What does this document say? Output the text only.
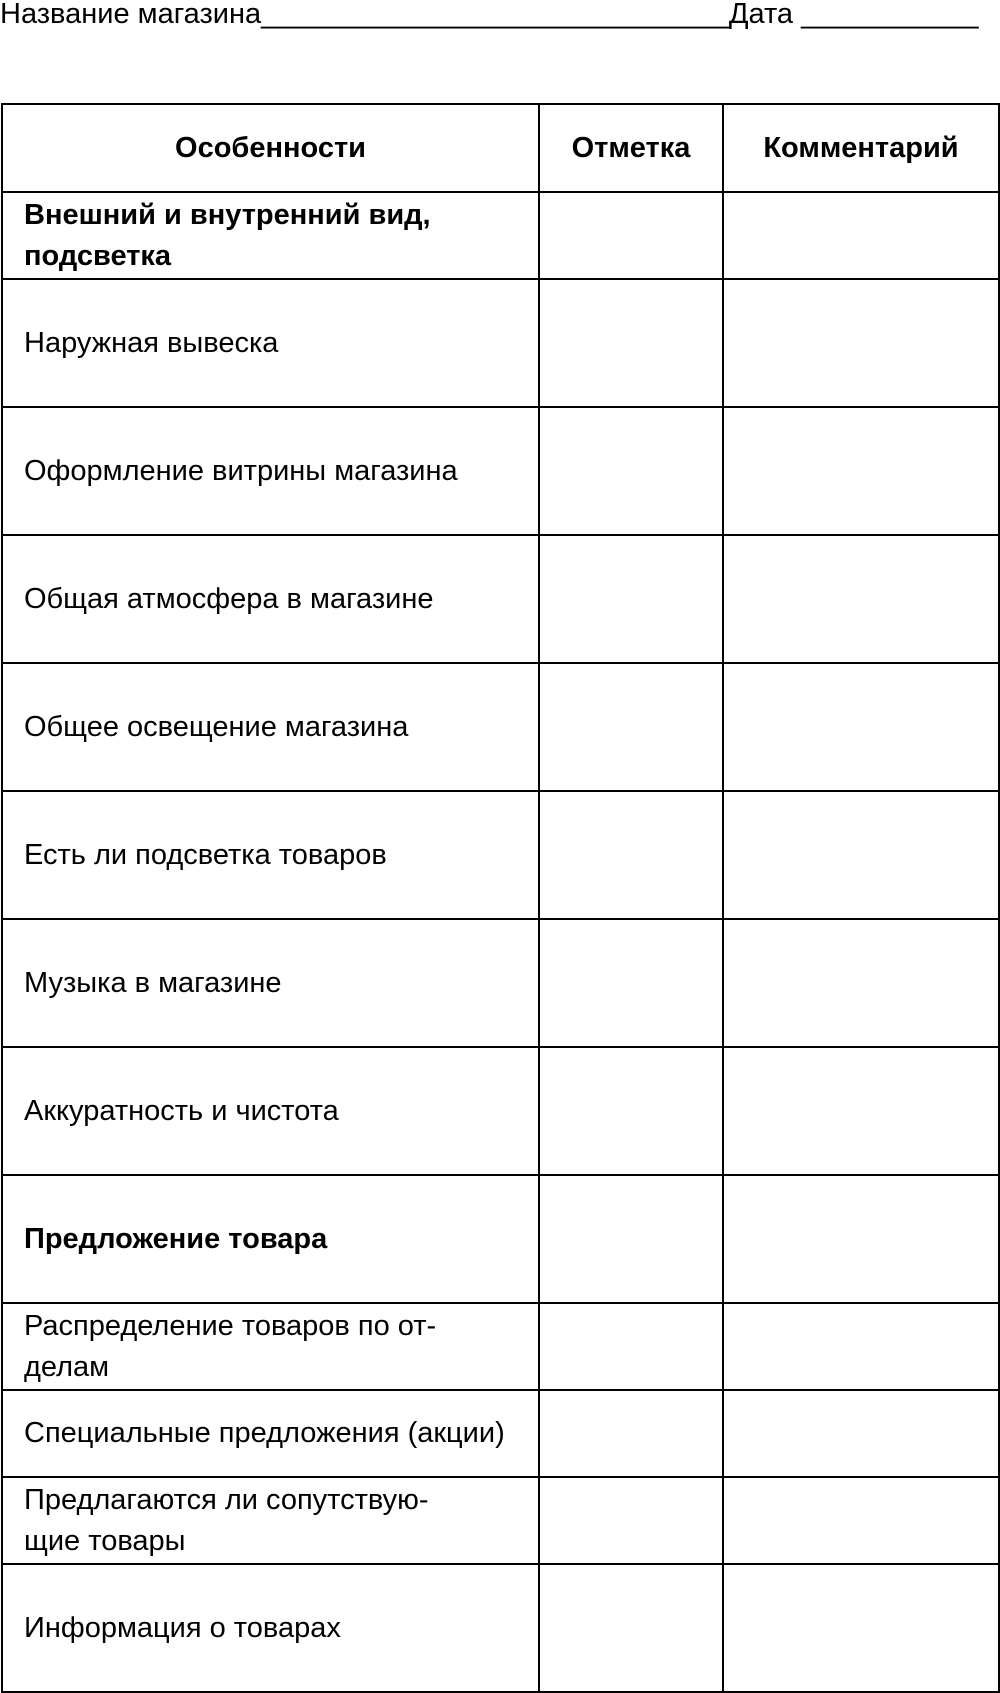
Название магазина_____________________________Дата ___________
Особенности	Отметка	Комментарий
Внешний и внутренний вид, подсветка		
Наружная вывеска		
Оформление витрины магазина		
Общая атмосфера в магазине		
Общее освещение магазина		
Есть ли подсветка товаров		
Музыка в магазине		
Аккуратность и чистота		
Предложение товара		
Распределение товаров по от-
делам		
Специальные предложения (акции)		
Предлагаются ли сопутствую-
щие товары		
Информация о товарах		
